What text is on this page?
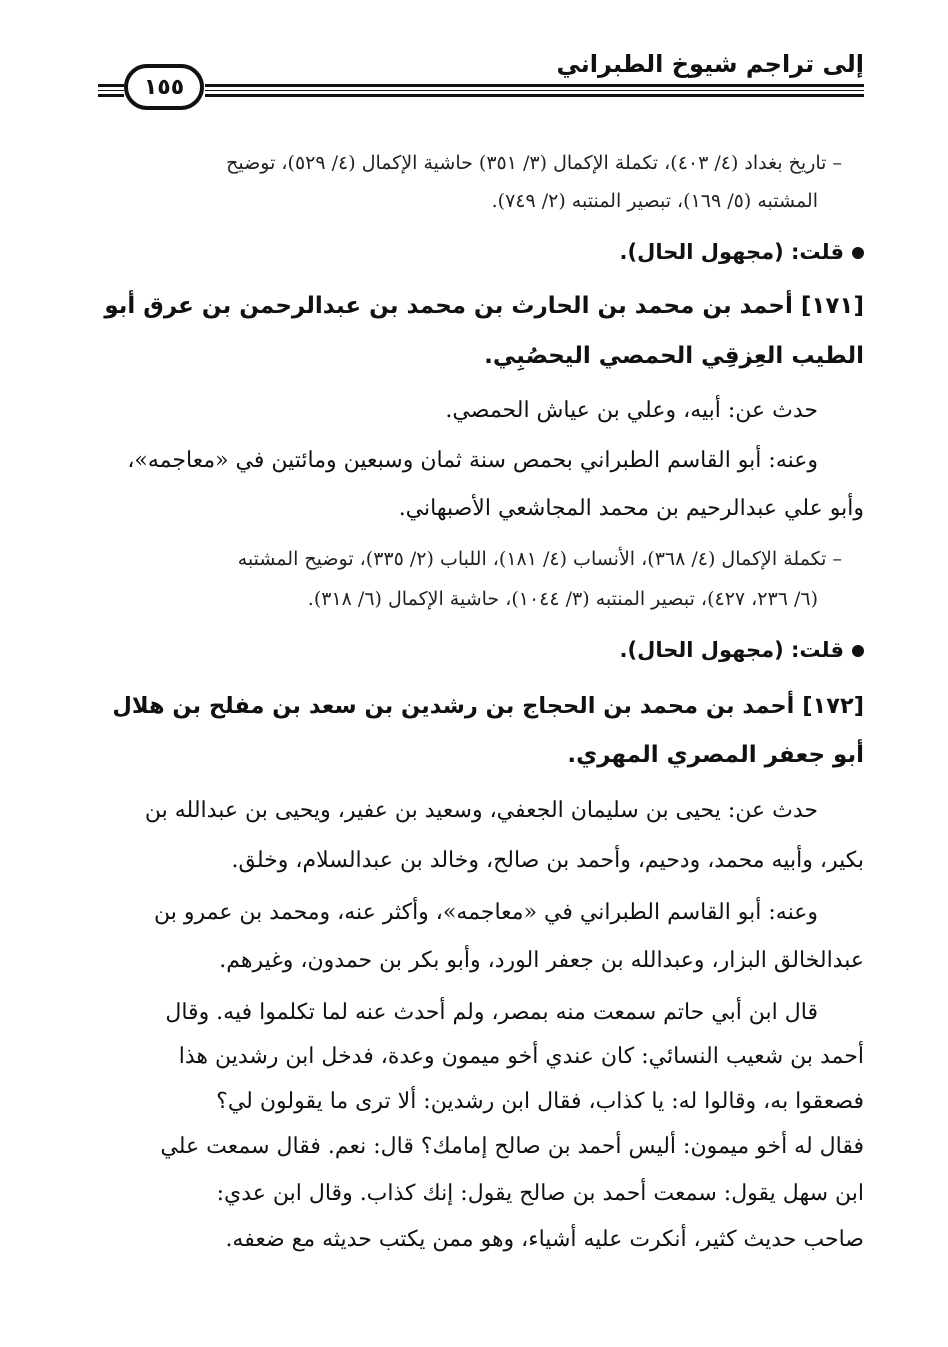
إلى تراجم شيوخ الطبراني
١٥٥
– تاريخ بغداد (٤/ ٤٠٣)، تكملة الإكمال (٣/ ٣٥١) حاشية الإكمال (٤/ ٥٢٩)، توضيح
المشتبه (٥/ ١٦٩)، تبصير المنتبه (٢/ ٧٤٩).
قلت: (مجهول الحال).
[١٧١] أحمد بن محمد بن الحارث بن محمد بن عبدالرحمن بن عرق أبو
الطيب العِزقِي الحمصي اليحصُبِي.
حدث عن: أبيه، وعلي بن عياش الحمصي.
وعنه: أبو القاسم الطبراني بحمص سنة ثمان وسبعين ومائتين في «معاجمه»،
وأبو علي عبدالرحيم بن محمد المجاشعي الأصبهاني.
– تكملة الإكمال (٤/ ٣٦٨)، الأنساب (٤/ ١٨١)، اللباب (٢/ ٣٣٥)، توضيح المشتبه
(٦/ ٢٣٦، ٤٢٧)، تبصير المنتبه (٣/ ١٠٤٤)، حاشية الإكمال (٦/ ٣١٨).
قلت: (مجهول الحال).
[١٧٢] أحمد بن محمد بن الحجاج بن رشدين بن سعد بن مفلح بن هلال
أبو جعفر المصري المهري.
حدث عن: يحيى بن سليمان الجعفي، وسعيد بن عفير، ويحيى بن عبدالله بن
بكير، وأبيه محمد، ودحيم، وأحمد بن صالح، وخالد بن عبدالسلام، وخلق.
وعنه: أبو القاسم الطبراني في «معاجمه»، وأكثر عنه، ومحمد بن عمرو بن
عبدالخالق البزار، وعبدالله بن جعفر الورد، وأبو بكر بن حمدون، وغيرهم.
قال ابن أبي حاتم سمعت منه بمصر، ولم أحدث عنه لما تكلموا فيه. وقال
أحمد بن شعيب النسائي: كان عندي أخو ميمون وعدة، فدخل ابن رشدين هذا
فصعقوا به، وقالوا له: يا كذاب، فقال ابن رشدين: ألا ترى ما يقولون لي؟
فقال له أخو ميمون: أليس أحمد بن صالح إمامك؟ قال: نعم. فقال سمعت علي
ابن سهل يقول: سمعت أحمد بن صالح يقول: إنك كذاب. وقال ابن عدي:
صاحب حديث كثير، أنكرت عليه أشياء، وهو ممن يكتب حديثه مع ضعفه.
